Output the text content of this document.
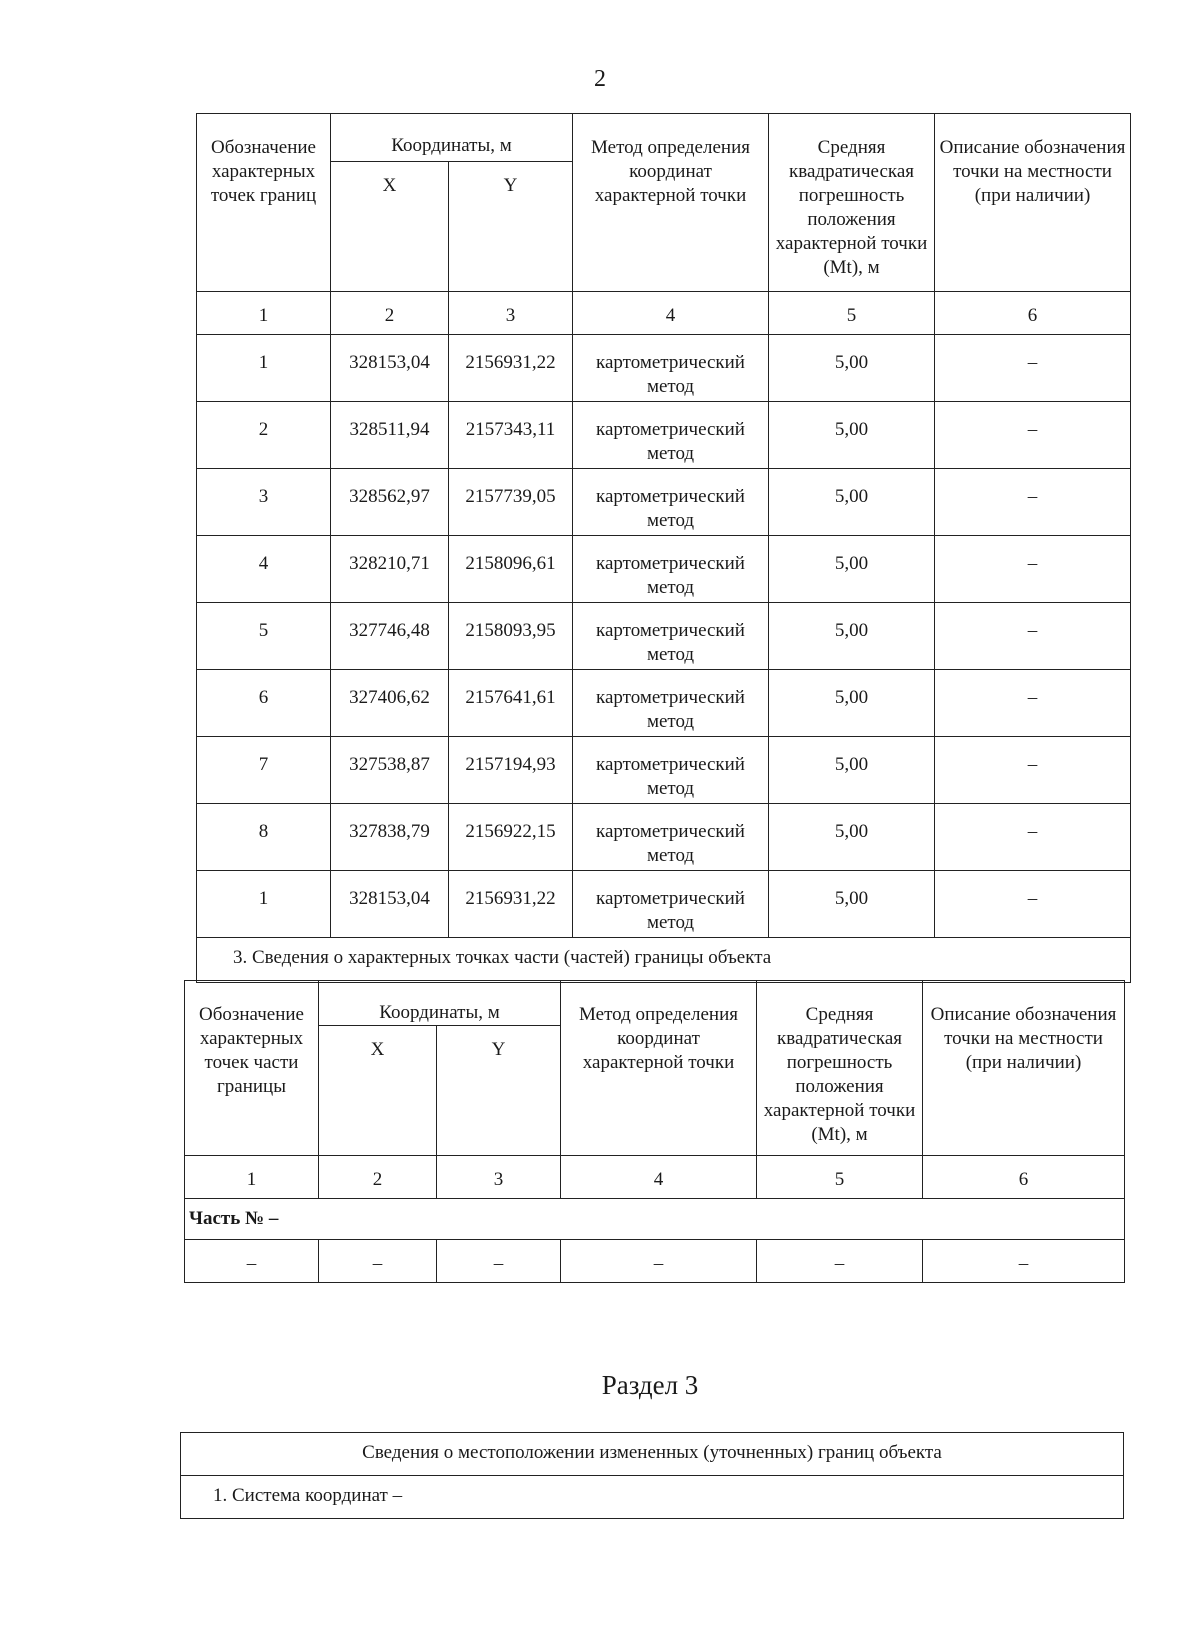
2
Обозначение характерных точек границ	Координаты, м		Метод определения координат характерной точки	Средняя квадратическая погрешность положения характерной точки (Mt), м	Описание обозначения точки на местности (при наличии)
	X	Y			
1	2	3	4	5	6
1	328153,04	2156931,22	картометрический метод	5,00	–
2	328511,94	2157343,11	картометрический метод	5,00	–
3	328562,97	2157739,05	картометрический метод	5,00	–
4	328210,71	2158096,61	картометрический метод	5,00	–
5	327746,48	2158093,95	картометрический метод	5,00	–
6	327406,62	2157641,61	картометрический метод	5,00	–
7	327538,87	2157194,93	картометрический метод	5,00	–
8	327838,79	2156922,15	картометрический метод	5,00	–
1	328153,04	2156931,22	картометрический метод	5,00	–
3. Сведения о характерных точках части (частей) границы объекта					
Обозначение характерных точек части границы	Координаты, м		Метод определения координат характерной точки	Средняя квадратическая погрешность положения характерной точки (Mt), м	Описание обозначения точки на местности (при наличии)
	X	Y			
1	2	3	4	5	6
Часть № –					
–	–	–	–	–	–
Раздел 3
Сведения о местоположении измененных (уточненных) границ объекта
1. Система координат –
